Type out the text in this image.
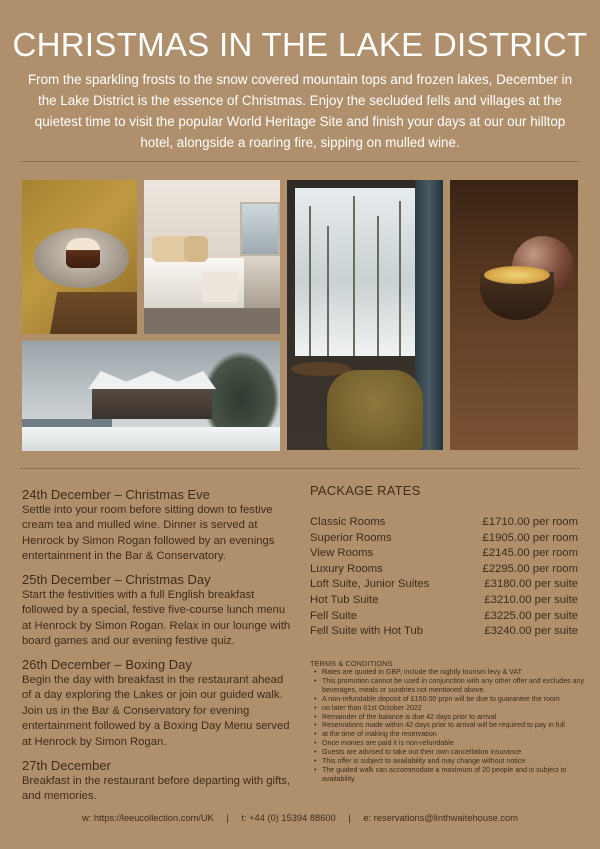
CHRISTMAS IN THE LAKE DISTRICT
From the sparkling frosts to the snow covered mountain tops and frozen lakes, December in the Lake District is the essence of Christmas. Enjoy the secluded fells and villages at the quietest time to visit the popular World Heritage Site and finish your days at our our hilltop hotel, alongside a roaring fire, sipping on mulled wine.
24th December – Christmas Eve

Settle into your room before sitting down to festive cream tea and mulled wine. Dinner is served at Henrock by Simon Rogan followed by an evenings entertainment in the Bar & Conservatory.

25th December – Christmas Day

Start the festivities with a full English breakfast followed by a special, festive five-course lunch menu at Henrock by Simon Rogan. Relax in our lounge with board games and our evening festive quiz.

26th December – Boxing Day

Begin the day with breakfast in the restaurant ahead of a day exploring the Lakes or join our guided walk. Join us in the Bar & Conservatory for evening entertainment followed by a Boxing Day Menu served at Henrock by Simon Rogan.

27th December

Breakfast in the restaurant before departing with gifts, and memories.

PACKAGE RATES
Classic Rooms	£1710.00 per room
Superior Rooms	£1905.00 per room
View Rooms	£2145.00 per room
Luxury Rooms	£2295.00 per room
Loft Suite, Junior Suites	£3180.00 per suite
Hot Tub Suite	£3210.00 per suite
Fell Suite	£3225.00 per suite
Fell Suite with Hot Tub	£3240.00 per suite
TERMS & CONDITIONS
• Rates are quoted in GBP, include the nightly tourism levy & VAT
• This promotion cannot be used in conjunction with any other offer and excludes any beverages, meals or sundries not mentioned above.
• A non-refundable deposit of £150.00 prpn will be due to guarantee the room
• no later than 01st October 2022
• Remainder of the balance is due 42 days prior to arrival
• Reservations made within 42 days prior to arrival will be required to pay in full
• at the time of making the reservation
• Once monies are paid it is non-refundable
• Guests are advised to take out their own cancellation insurance
• This offer is subject to availability and may change without notice.
• The guided walk can accommodate a maximum of 20 people and is subject to availability
w: https://leeucollection.com/UK | t: +44 (0) 15394 88600 | e: reservations@linthwaitehouse.com
